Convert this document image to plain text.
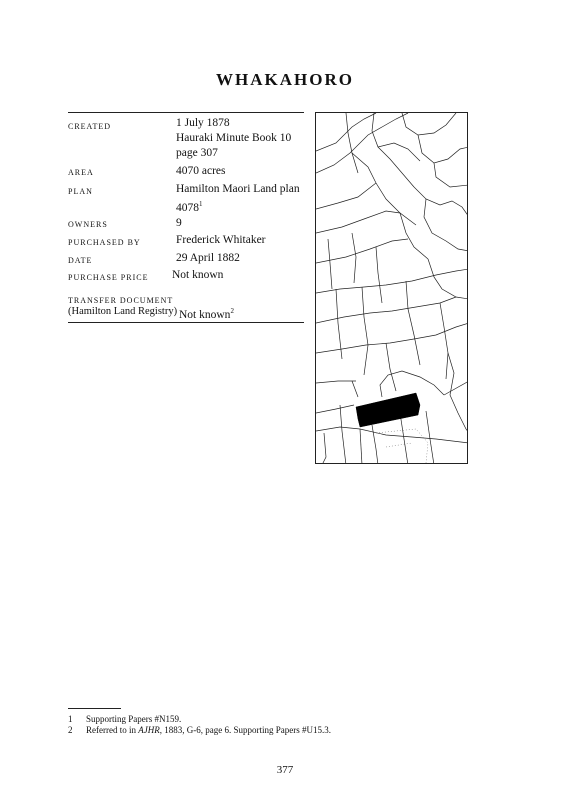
WHAKAHORO
CREATED	1 July 1878
Hauraki Minute Book 10
page 307
AREA	4070 acres
PLAN	Hamilton Maori Land plan
4078$^1$
OWNERS	9
PURCHASED BY	Frederick Whitaker
DATE	29 April 1882
PURCHASE PRICE Not known
TRANSFER DOCUMENT
(Hamilton Land Registry) Not known$^2$
1 Supporting Papers #N159.
2 Referred to in AJHR, 1883, G-6, page 6. Supporting Papers #U15.3.
377
